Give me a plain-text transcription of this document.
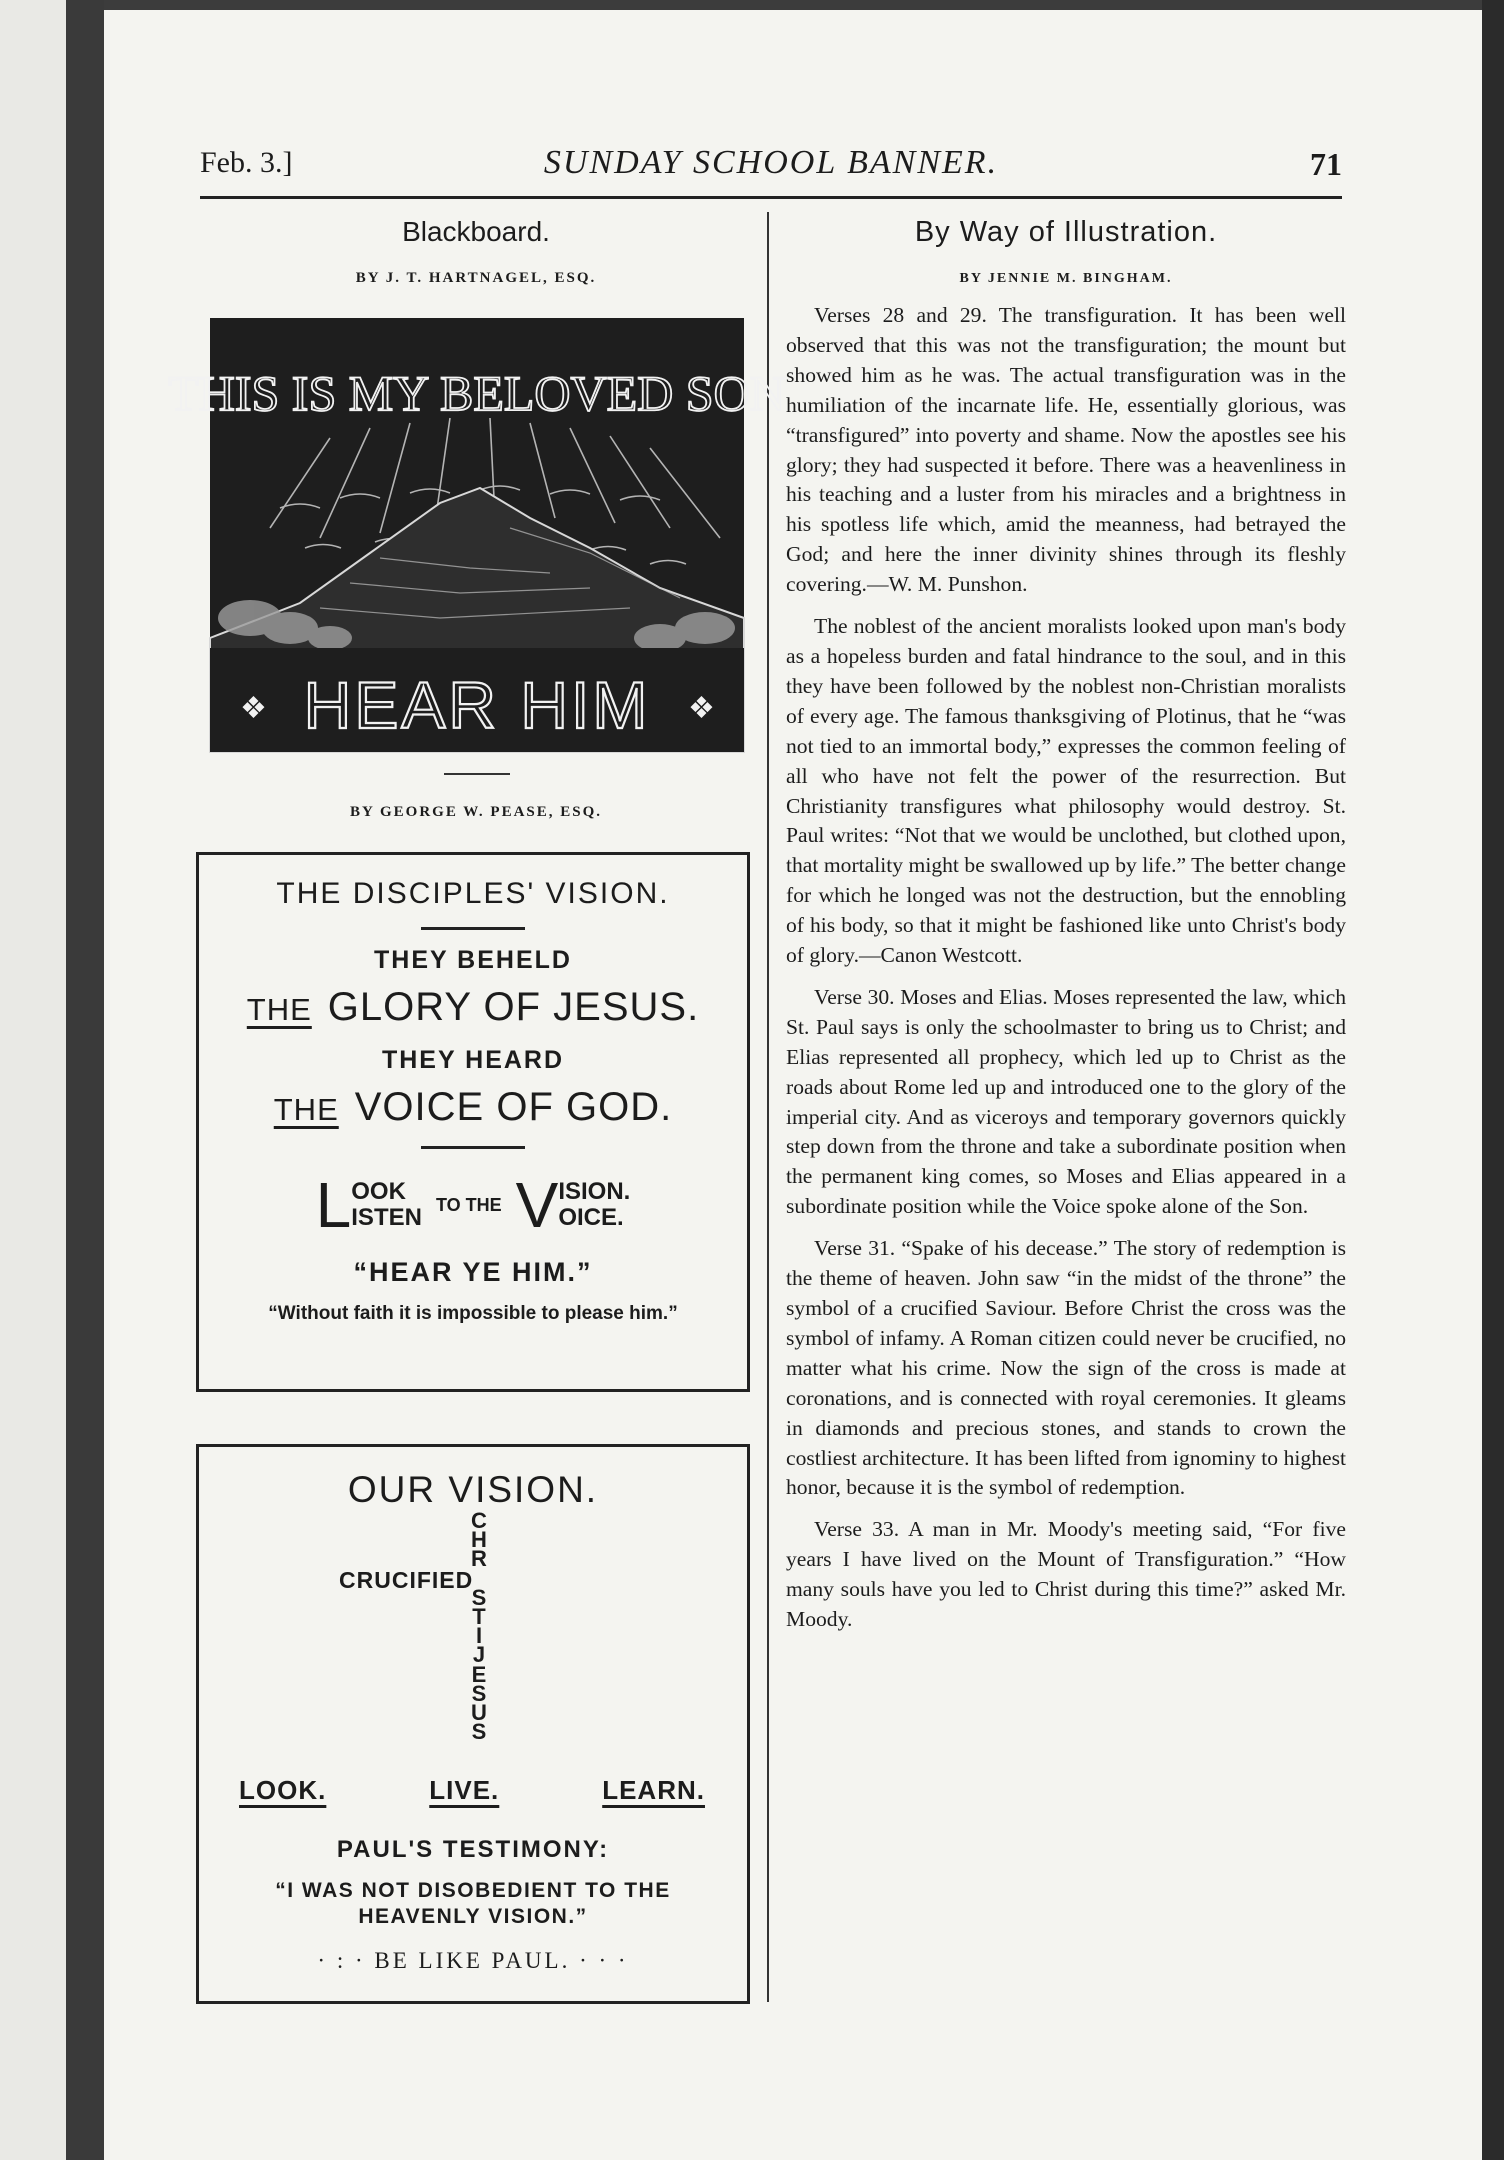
Feb. 3.]	SUNDAY SCHOOL BANNER.	71
Blackboard.
BY J. T. HARTNAGEL, ESQ.
THIS IS MY BELOVED SON
HEAR HIM
❖	❖
BY GEORGE W. PEASE, ESQ.
THE DISCIPLES' VISION.
THEY BEHELD
THE GLORY OF JESUS.
THEY HEARD
THE VOICE OF GOD.
L OOK
ISTEN TO THE V ISION.
OICE.
“HEAR YE HIM.”
“Without faith it is impossible to please him.”
OUR VISION.
C
H
R
S
T
I
J
E
S
U
S
CRUCIFIED
LOOK.	LIVE.	LEARN.
PAUL'S TESTIMONY:
“I WAS NOT DISOBEDIENT TO THE HEAVENLY VISION.”
· : · BE LIKE PAUL. · · ·
By Way of Illustration.
BY JENNIE M. BINGHAM.

Verses 28 and 29. The transfiguration. It has been well observed that this was not the transfiguration; the mount but showed him as he was. The actual transfiguration was in the humiliation of the incarnate life. He, essentially glorious, was “transfigured” into poverty and shame. Now the apostles see his glory; they had suspected it before. There was a heavenliness in his teaching and a luster from his miracles and a brightness in his spotless life which, amid the meanness, had betrayed the God; and here the inner divinity shines through its fleshly covering.—W. M. Punshon.

The noblest of the ancient moralists looked upon man's body as a hopeless burden and fatal hindrance to the soul, and in this they have been followed by the noblest non-Christian moralists of every age. The famous thanksgiving of Plotinus, that he “was not tied to an immortal body,” expresses the common feeling of all who have not felt the power of the resurrection. But Christianity transfigures what philosophy would destroy. St. Paul writes: “Not that we would be unclothed, but clothed upon, that mortality might be swallowed up by life.” The better change for which he longed was not the destruction, but the ennobling of his body, so that it might be fashioned like unto Christ's body of glory.—Canon Westcott.

Verse 30. Moses and Elias. Moses represented the law, which St. Paul says is only the schoolmaster to bring us to Christ; and Elias represented all prophecy, which led up to Christ as the roads about Rome led up and introduced one to the glory of the imperial city. And as viceroys and temporary governors quickly step down from the throne and take a subordinate position when the permanent king comes, so Moses and Elias appeared in a subordinate position while the Voice spoke alone of the Son.

Verse 31. “Spake of his decease.” The story of redemption is the theme of heaven. John saw “in the midst of the throne” the symbol of a crucified Saviour. Before Christ the cross was the symbol of infamy. A Roman citizen could never be crucified, no matter what his crime. Now the sign of the cross is made at coronations, and is connected with royal ceremonies. It gleams in diamonds and precious stones, and stands to crown the costliest architecture. It has been lifted from ignominy to highest honor, because it is the symbol of redemption.

Verse 33. A man in Mr. Moody's meeting said, “For five years I have lived on the Mount of Transfiguration.” “How many souls have you led to Christ during this time?” asked Mr. Moody.
